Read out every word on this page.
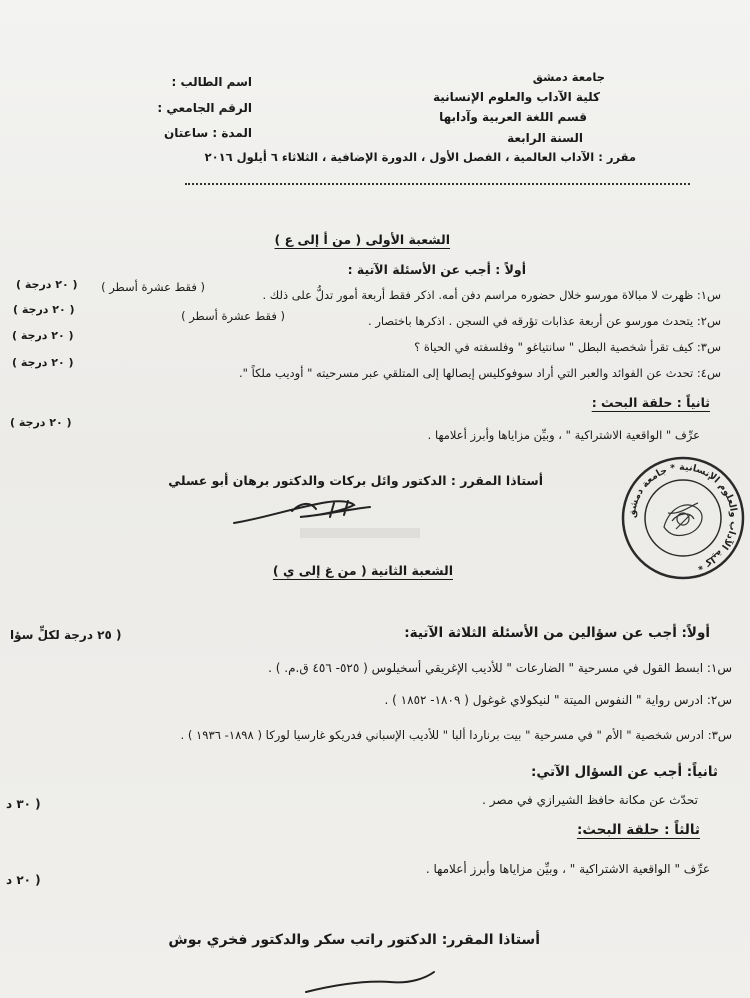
جامعة دمشق
كلية الآداب والعلوم الإنسانية
قسم اللغة العربية وآدابها
السنة الرابعة
اسم الطالب :
الرقم الجامعي :
المدة : ساعتان
مقرر : الآداب العالمية ، الفصل الأول ، الدورة الإضافية ، الثلاثاء ٦ أيلول ٢٠١٦
الشعبة الأولى ( من أ إلى ع )
أولاً : أجب عن الأسئلة الآتية :
س١: ظهرت لا مبالاة مورسو خلال حضوره مراسم دفن أمه. اذكر فقط أربعة أمور تدلُّ على ذلك .
( فقط عشرة أسطر )
( ٢٠ درجة )
س٢: يتحدث مورسو عن أربعة عذابات تؤرقه في السجن . اذكرها باختصار .
( فقط عشرة أسطر )
( ٢٠ درجة )
س٣: كيف تقرأ شخصية البطل " سانتياغو " وفلسفته في الحياة ؟
( ٢٠ درجة )
س٤: تحدث عن الفوائد والعبر التي أراد سوفوكليس إيصالها إلى المتلقي عبر مسرحيته " أوديب ملكاً ".
( ٢٠ درجة )
ثانياً : حلقة البحث :
عرِّف " الواقعية الاشتراكية " ، وبيِّن مزاياها وأبرز أعلامها .
( ٢٠ درجة )
أستاذا المقرر : الدكتور وائل بركات والدكتور برهان أبو عسلي
كلية الآداب والعلوم الإنسانية * جامعة دمشق *
الشعبة الثانية ( من غ إلى ي )
أولاً: أجب عن سؤالين من الأسئلة الثلاثة الآتية:
( ٢٥ درجة لكلٍّ سؤا
س١: ابسط القول في مسرحية " الضارعات " للأديب الإغريقي أسخيلوس ( ٥٢٥- ٤٥٦ ق.م. ) .
س٢: ادرس رواية " النفوس الميتة " لنيكولاي غوغول ( ١٨٠٩- ١٨٥٢ ) .
س٣: ادرس شخصية " الأم " في مسرحية " بيت برناردا ألبا " للأديب الإسباني فدريكو غارسيا لوركا ( ١٨٩٨- ١٩٣٦ ) .
ثانياً: أجب عن السؤال الآتي:
تحدّث عن مكانة حافظ الشيرازي في مصر .
( ٣٠ د
ثالثاً : حلقة البحث:
عرِّف " الواقعية الاشتراكية " ، وبيِّن مزاياها وأبرز أعلامها .
( ٢٠ د
أستاذا المقرر: الدكتور راتب سكر والدكتور فخري بوش
